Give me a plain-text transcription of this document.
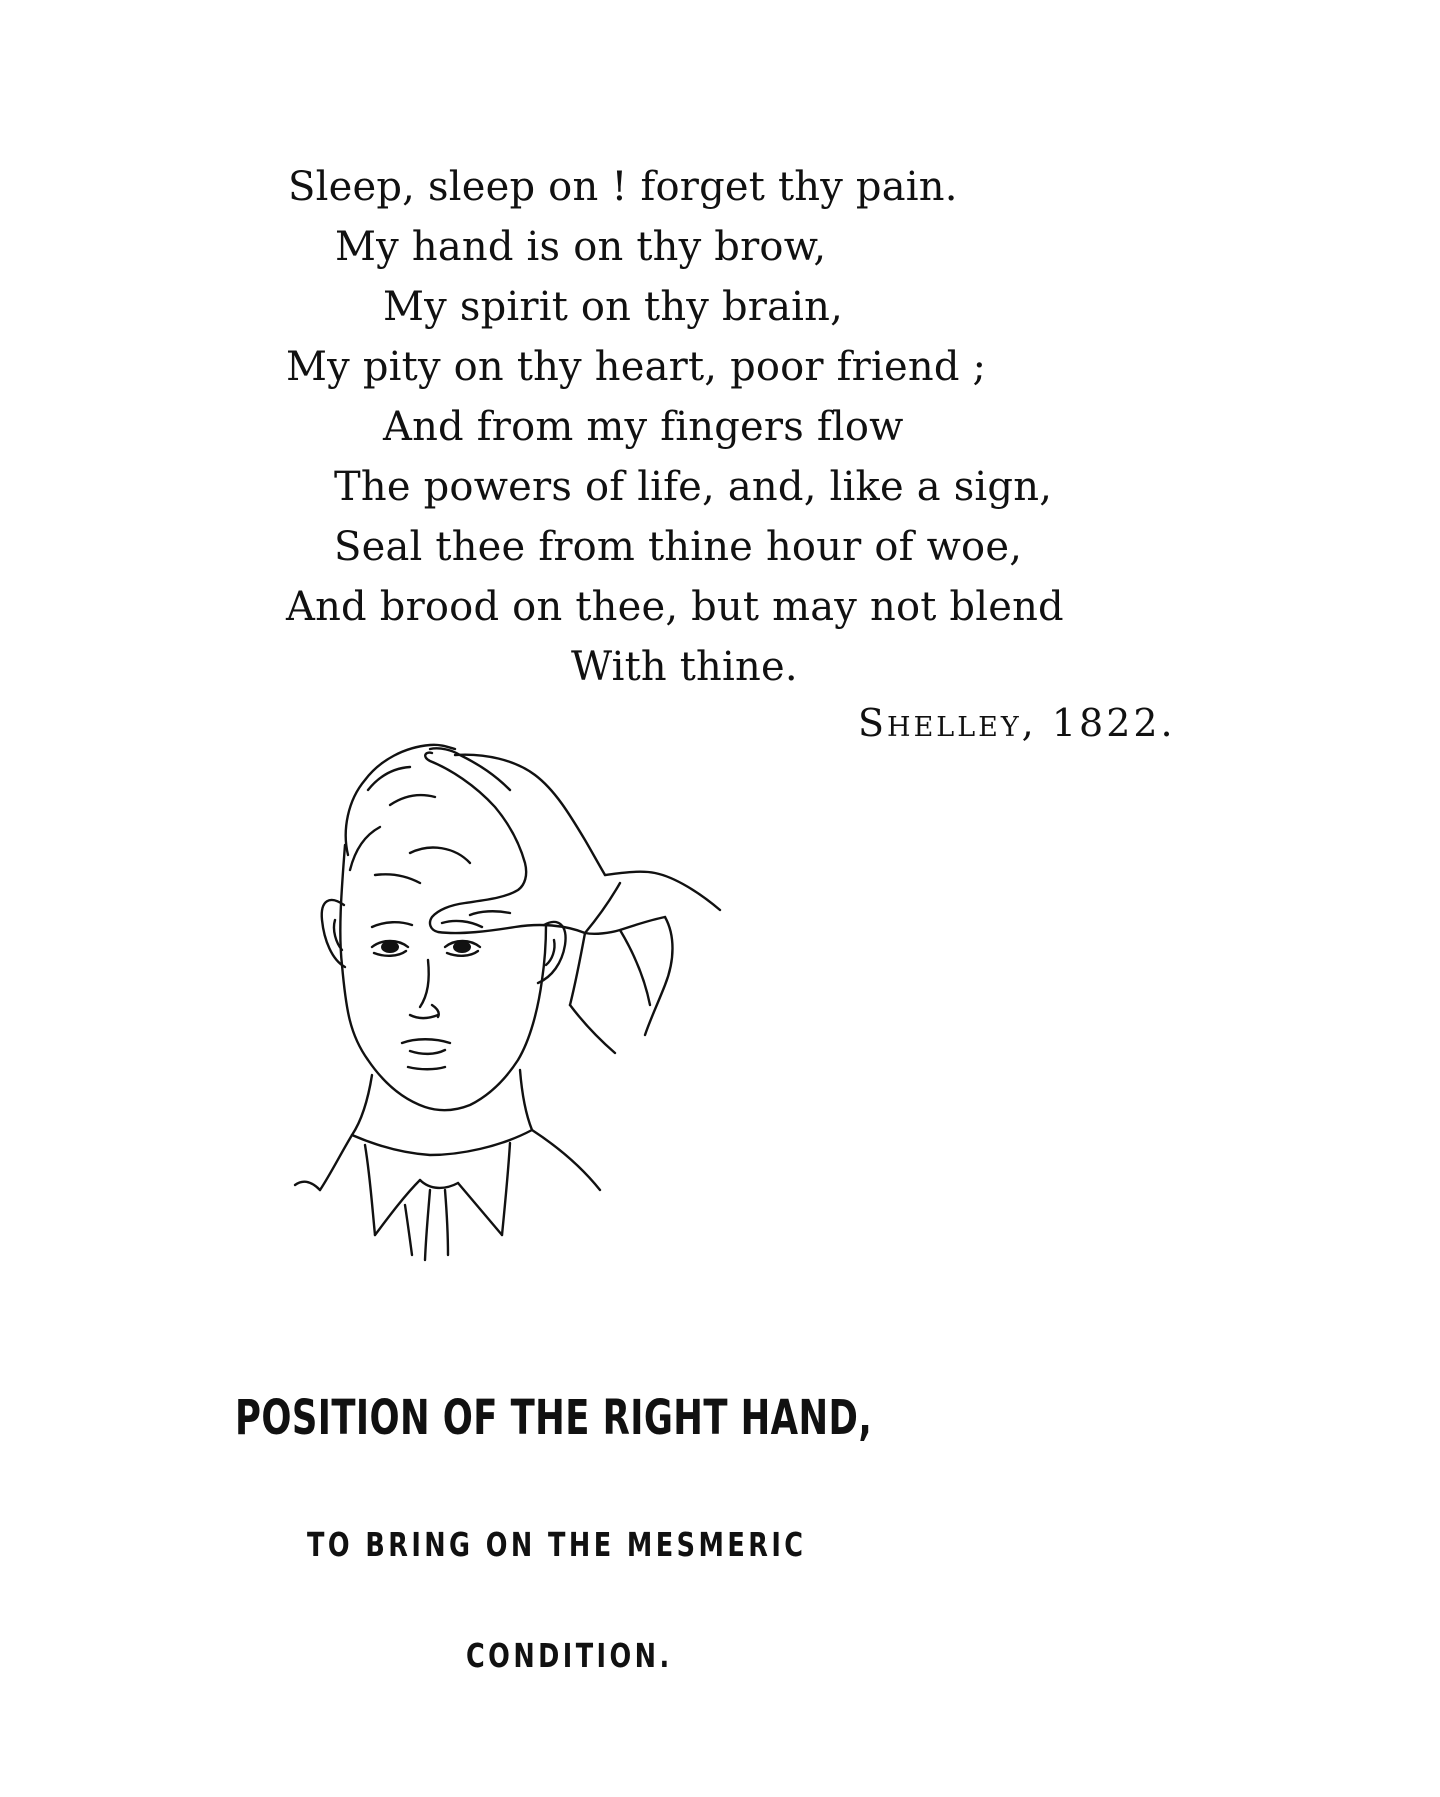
Sleep, sleep on ! forget thy pain.
My hand is on thy brow,
My spirit on thy brain,
My pity on thy heart, poor friend ;
And from my fingers flow
The powers of life, and, like a sign,
Seal thee from thine hour of woe,
And brood on thee, but may not blend
With thine.
Shelley, 1822.
POSITION OF THE RIGHT HAND,
TO BRING ON THE MESMERIC
CONDITION.
